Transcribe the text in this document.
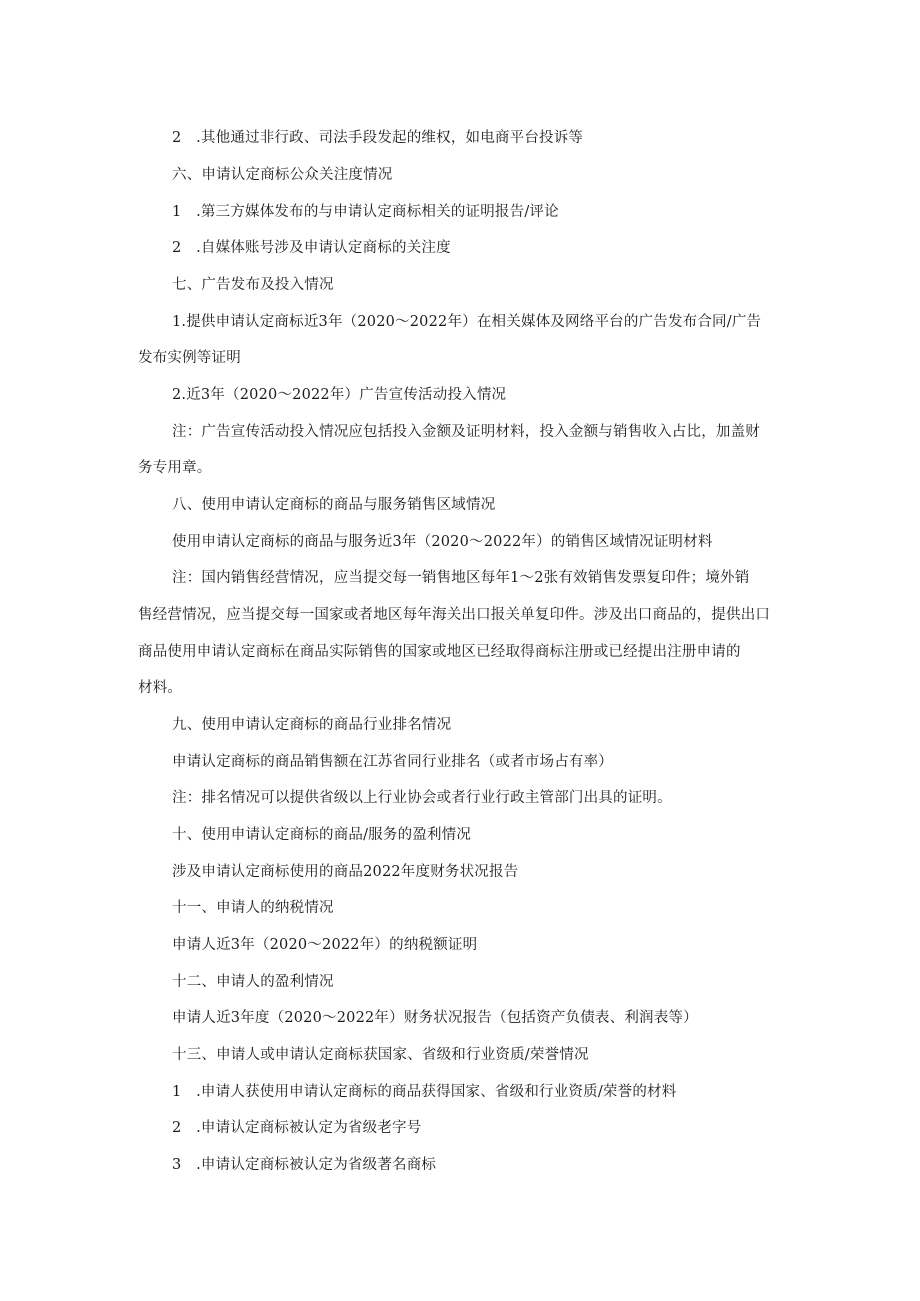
2　.其他通过非行政、司法手段发起的维权，如电商平台投诉等
六、申请认定商标公众关注度情况
1　.第三方媒体发布的与申请认定商标相关的证明报告/评论
2　.自媒体账号涉及申请认定商标的关注度
七、广告发布及投入情况
1.提供申请认定商标近3年（2020～2022年）在相关媒体及网络平台的广告发布合同/广告
发布实例等证明
2.近3年（2020～2022年）广告宣传活动投入情况
注：广告宣传活动投入情况应包括投入金额及证明材料，投入金额与销售收入占比，加盖财
务专用章。
八、使用申请认定商标的商品与服务销售区域情况
使用申请认定商标的商品与服务近3年（2020～2022年）的销售区域情况证明材料
注：国内销售经营情况，应当提交每一销售地区每年1～2张有效销售发票复印件；境外销
售经营情况，应当提交每一国家或者地区每年海关出口报关单复印件。涉及出口商品的，提供出口
商品使用申请认定商标在商品实际销售的国家或地区已经取得商标注册或已经提出注册申请的
材料。
九、使用申请认定商标的商品行业排名情况
申请认定商标的商品销售额在江苏省同行业排名（或者市场占有率）
注：排名情况可以提供省级以上行业协会或者行业行政主管部门出具的证明。
十、使用申请认定商标的商品/服务的盈利情况
涉及申请认定商标使用的商品2022年度财务状况报告
十一、申请人的纳税情况
申请人近3年（2020～2022年）的纳税额证明
十二、申请人的盈利情况
申请人近3年度（2020～2022年）财务状况报告（包括资产负债表、利润表等）
十三、申请人或申请认定商标获国家、省级和行业资质/荣誉情况
1　.申请人获使用申请认定商标的商品获得国家、省级和行业资质/荣誉的材料
2　.申请认定商标被认定为省级老字号
3　.申请认定商标被认定为省级著名商标
